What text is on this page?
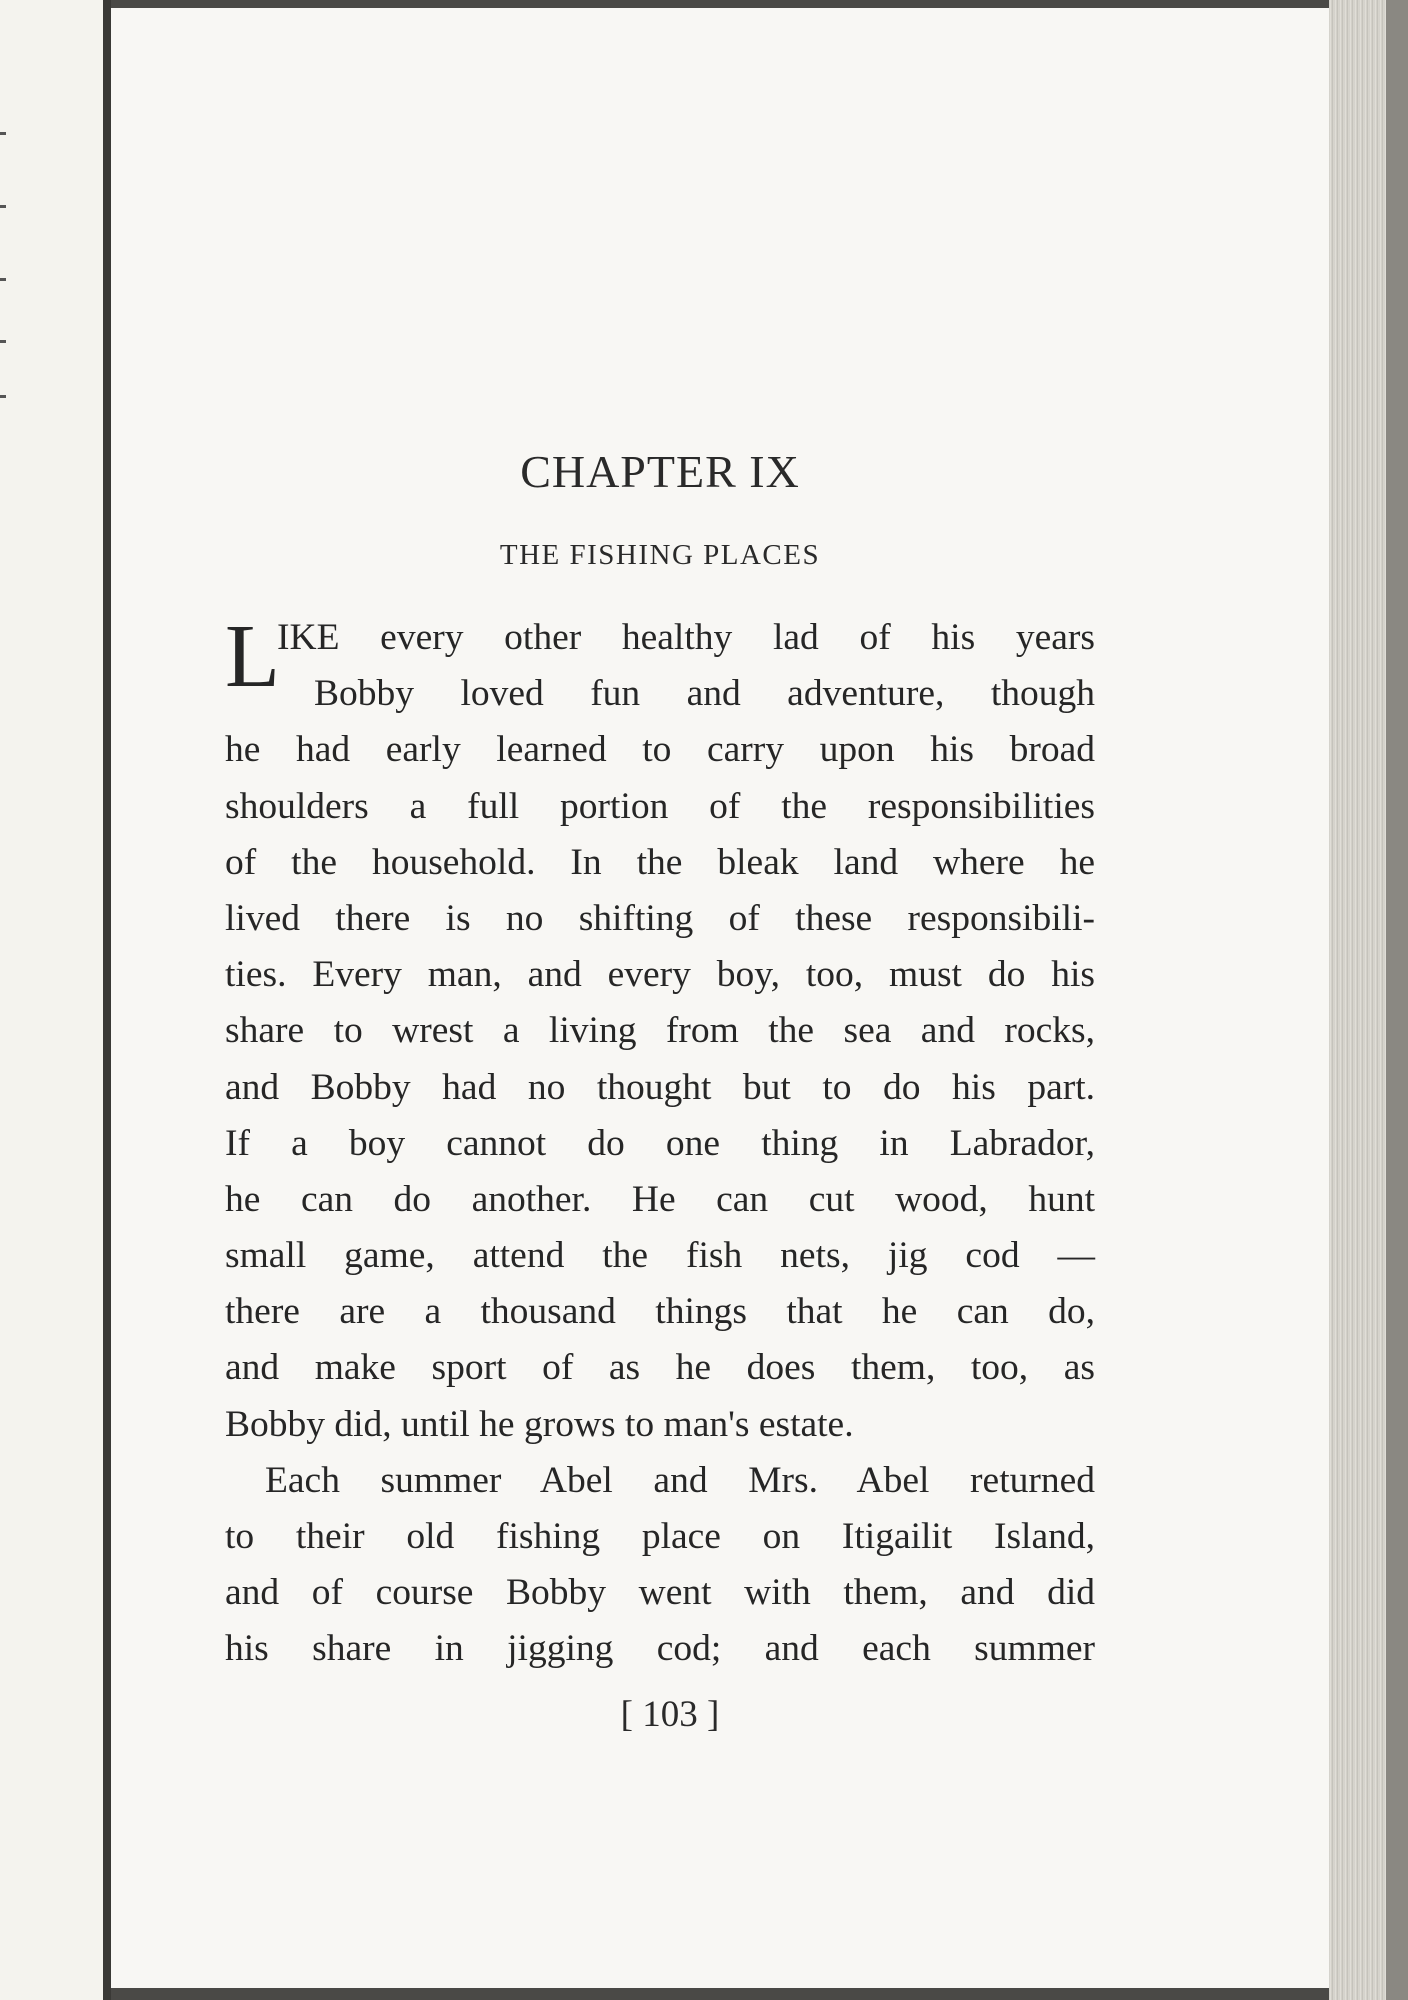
CHAPTER IX
THE FISHING PLACES
L
IKE every other healthy lad of his years
Bobby loved fun and adventure, though
he had early learned to carry upon his broad
shoulders a full portion of the responsibilities
of the household. In the bleak land where he
lived there is no shifting of these responsibili-
ties. Every man, and every boy, too, must do his
share to wrest a living from the sea and rocks,
and Bobby had no thought but to do his part.
If a boy cannot do one thing in Labrador,
he can do another. He can cut wood, hunt
small game, attend the fish nets, jig cod —
there are a thousand things that he can do,
and make sport of as he does them, too, as
Bobby did, until he grows to man's estate.
Each summer Abel and Mrs. Abel returned
to their old fishing place on Itigailit Island,
and of course Bobby went with them, and did
his share in jigging cod; and each summer
[ 103 ]
